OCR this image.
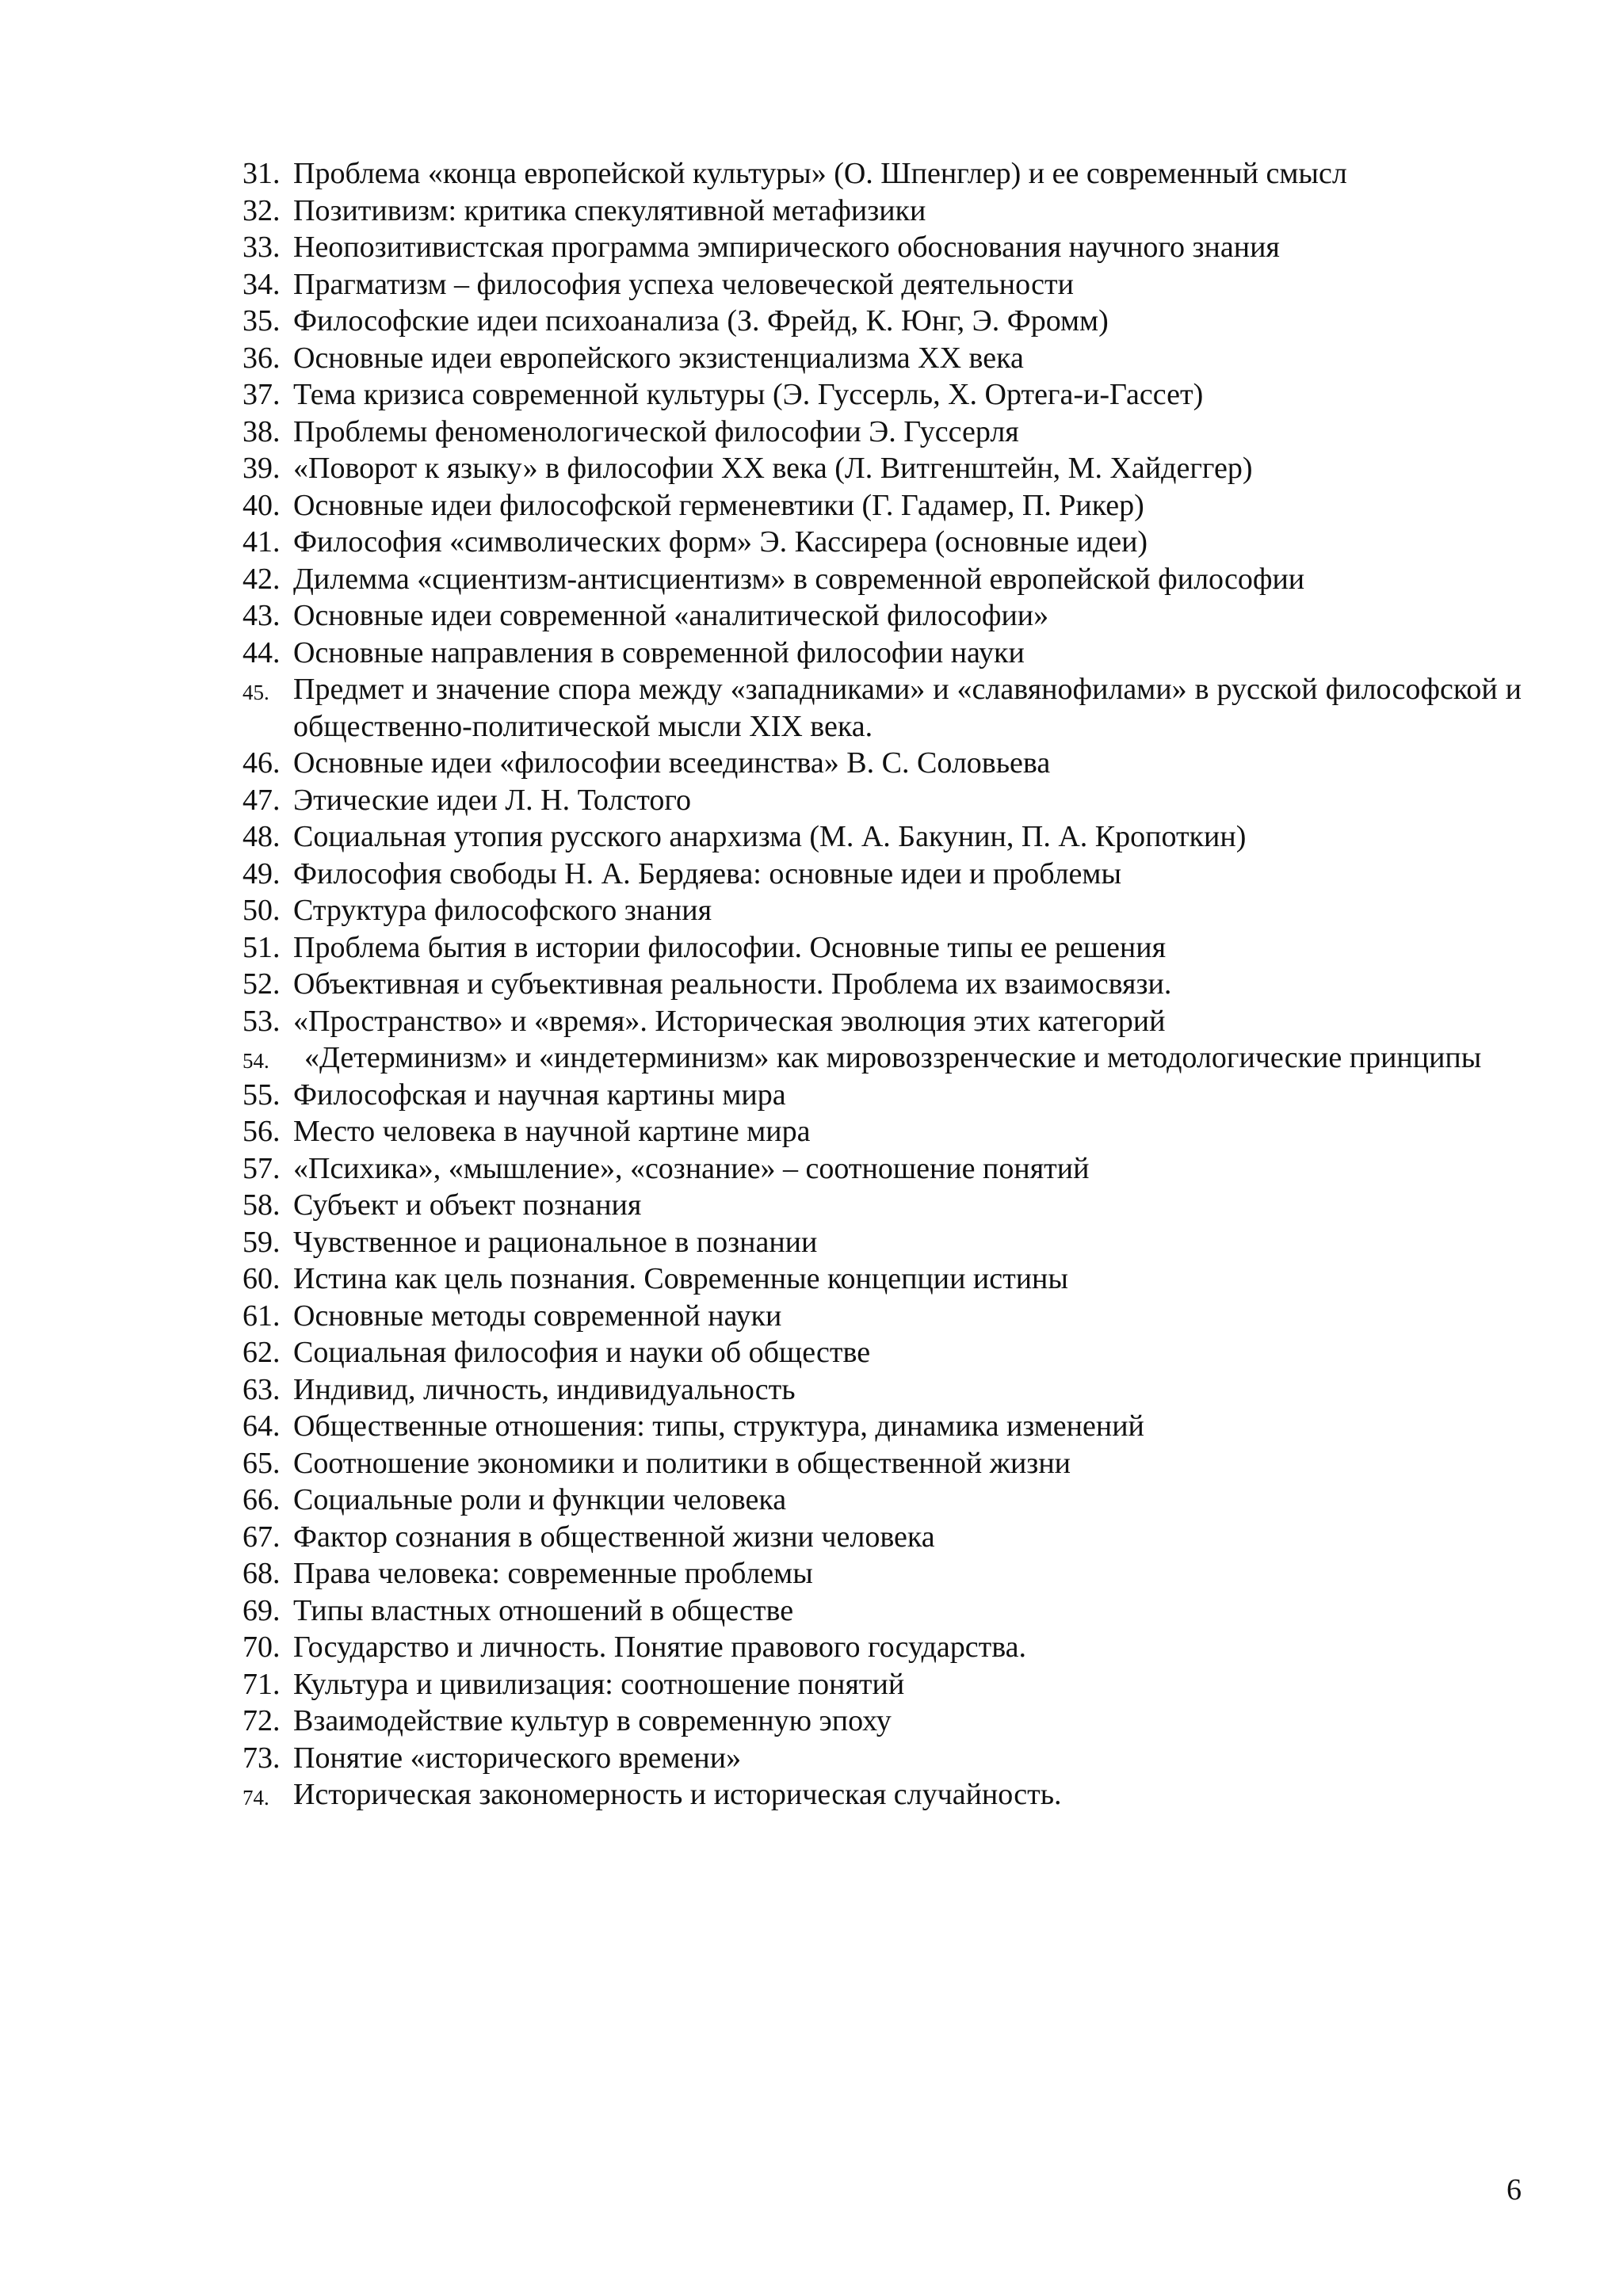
31. Проблема «конца европейской культуры» (О. Шпенглер) и ее современный смысл
32. Позитивизм: критика спекулятивной метафизики
33. Неопозитивистская программа эмпирического обоснования научного знания
34. Прагматизм – философия успеха человеческой деятельности
35. Философские идеи психоанализа (З. Фрейд, К. Юнг, Э. Фромм)
36. Основные идеи европейского экзистенциализма XX века
37. Тема кризиса современной культуры (Э. Гуссерль, Х. Ортега-и-Гассет)
38. Проблемы феноменологической философии Э. Гуссерля
39. «Поворот к языку» в философии XX века (Л. Витгенштейн, М. Хайдеггер)
40. Основные идеи философской герменевтики (Г. Гадамер, П. Рикер)
41. Философия «символических форм» Э. Кассирера (основные идеи)
42. Дилемма «сциентизм-антисциентизм» в современной европейской философии
43. Основные идеи современной «аналитической философии»
44. Основные направления в современной философии науки
45. Предмет и значение спора между «западниками» и «славянофилами» в русской философской и общественно-политической мысли XIX века.
46. Основные идеи «философии всеединства» В. С. Соловьева
47. Этические идеи Л. Н. Толстого
48. Социальная утопия русского анархизма (М. А. Бакунин, П. А. Кропоткин)
49. Философия свободы Н. А. Бердяева: основные идеи и проблемы
50. Структура философского знания
51. Проблема бытия в истории философии. Основные типы ее решения
52. Объективная и субъективная реальности. Проблема их взаимосвязи.
53. «Пространство» и «время». Историческая эволюция этих категорий
54.	«Детерминизм» и «индетерминизм» как мировоззренческие и методологические принципы
55. Философская и научная картины мира
56. Место человека в научной картине мира
57. «Психика», «мышление», «сознание» – соотношение понятий
58. Субъект и объект познания
59. Чувственное и рациональное в познании
60. Истина как цель познания. Современные концепции истины
61. Основные методы современной науки
62. Социальная философия и науки об обществе
63. Индивид, личность, индивидуальность
64. Общественные отношения: типы, структура, динамика изменений
65. Соотношение экономики и политики в общественной жизни
66. Социальные роли и функции человека
67. Фактор сознания в общественной жизни человека
68. Права человека: современные проблемы
69. Типы властных отношений в обществе
70. Государство и личность. Понятие правового государства.
71. Культура и цивилизация: соотношение понятий
72. Взаимодействие культур в современную эпоху
73. Понятие «исторического времени»
74. Историческая закономерность и историческая случайность.
6
